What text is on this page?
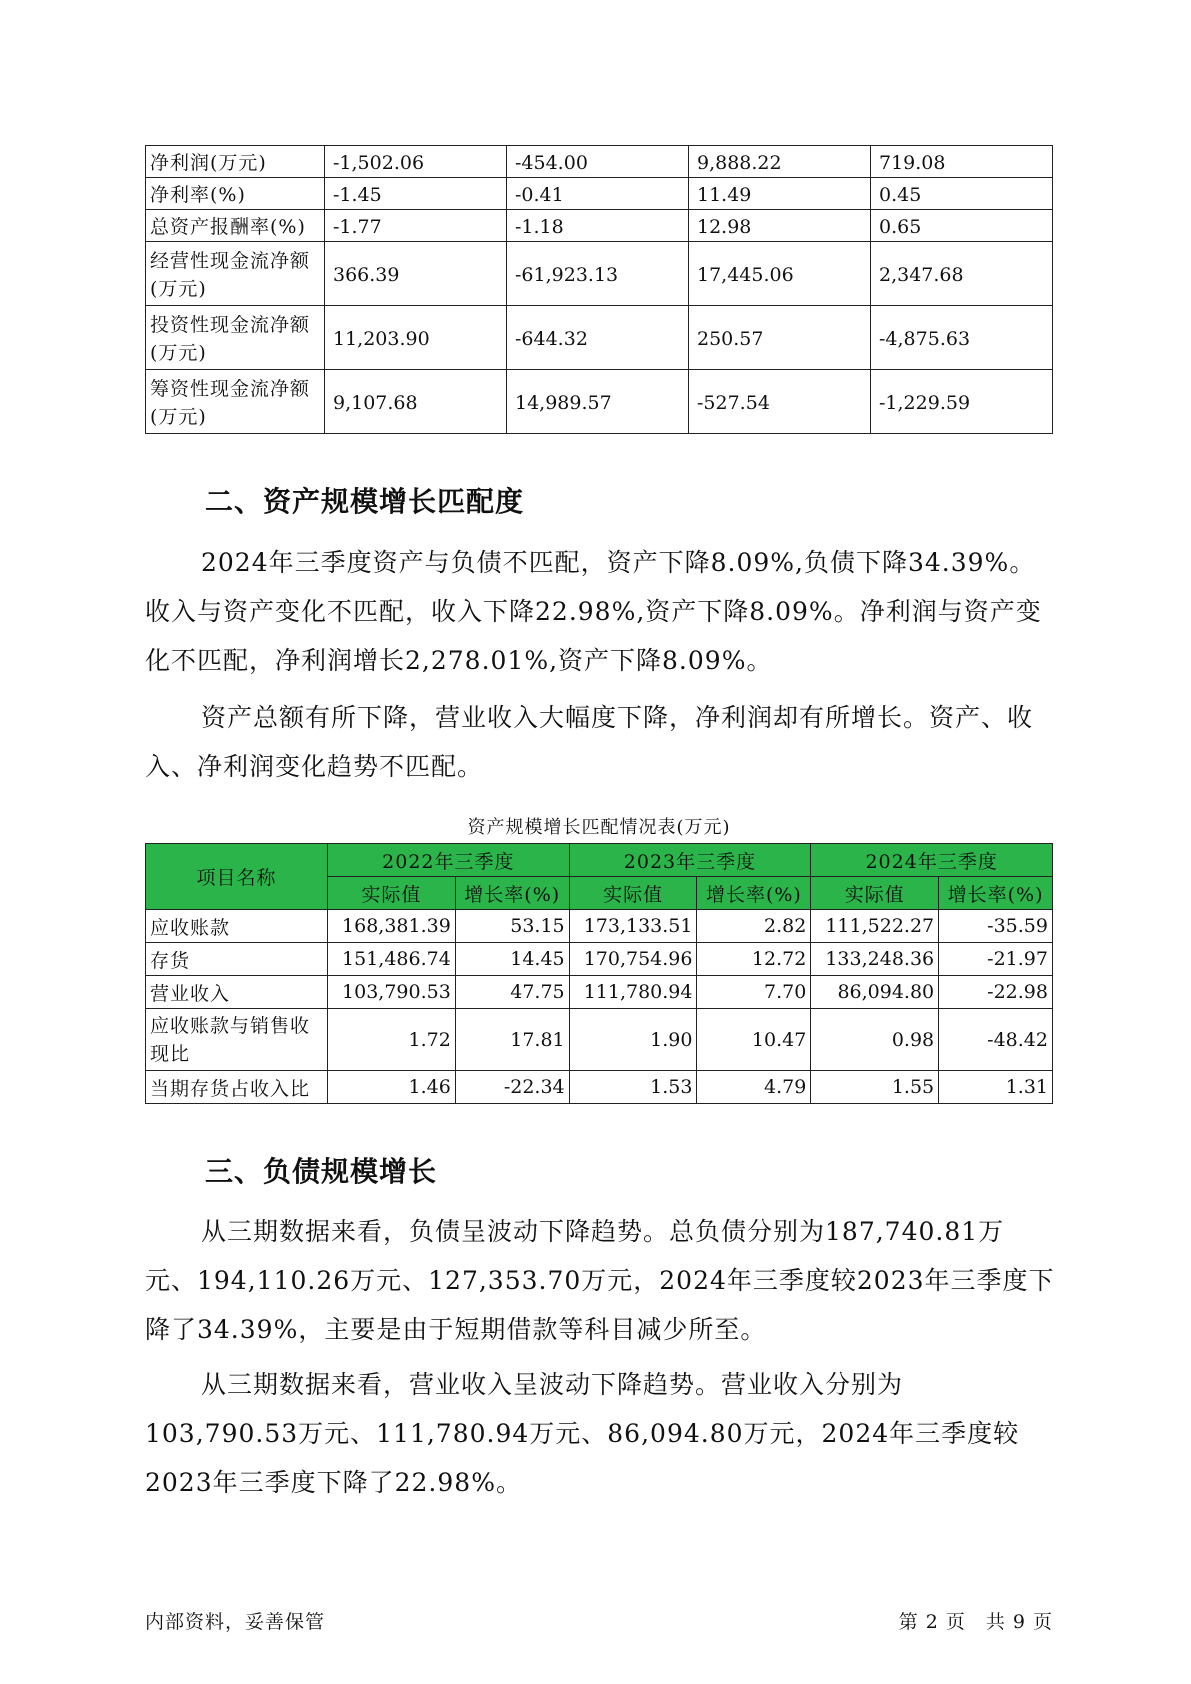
净利润(万元)	-1,502.06	-454.00	9,888.22	719.08
净利率(%)	-1.45	-0.41	11.49	0.45
总资产报酬率(%)	-1.77	-1.18	12.98	0.65
经营性现金流净额(万元)	366.39	-61,923.13	17,445.06	2,347.68
投资性现金流净额(万元)	11,203.90	-644.32	250.57	-4,875.63
筹资性现金流净额(万元)	9,107.68	14,989.57	-527.54	-1,229.59
二、资产规模增长匹配度

2024年三季度资产与负债不匹配，资产下降8.09%,负债下降34.39%。收入与资产变化不匹配，收入下降22.98%,资产下降8.09%。净利润与资产变化不匹配，净利润增长2,278.01%,资产下降8.09%。

资产总额有所下降，营业收入大幅度下降，净利润却有所增长。资产、收入、净利润变化趋势不匹配。

资产规模增长匹配情况表(万元)
项目名称	2022年三季度		2023年三季度		2024年三季度	
	实际值	增长率(%)	实际值	增长率(%)	实际值	增长率(%)
应收账款	168,381.39	53.15	173,133.51	2.82	111,522.27	-35.59
存货	151,486.74	14.45	170,754.96	12.72	133,248.36	-21.97
营业收入	103,790.53	47.75	111,780.94	7.70	86,094.80	-22.98
应收账款与销售收现比	1.72	17.81	1.90	10.47	0.98	-48.42
当期存货占收入比	1.46	-22.34	1.53	4.79	1.55	1.31
三、负债规模增长

从三期数据来看，负债呈波动下降趋势。总负债分别为187,740.81万元、194,110.26万元、127,353.70万元，2024年三季度较2023年三季度下降了34.39%，主要是由于短期借款等科目减少所至。

从三期数据来看，营业收入呈波动下降趋势。营业收入分别为103,790.53万元、111,780.94万元、86,094.80万元，2024年三季度较2023年三季度下降了22.98%。

内部资料，妥善保管	第 2 页　共 9 页
